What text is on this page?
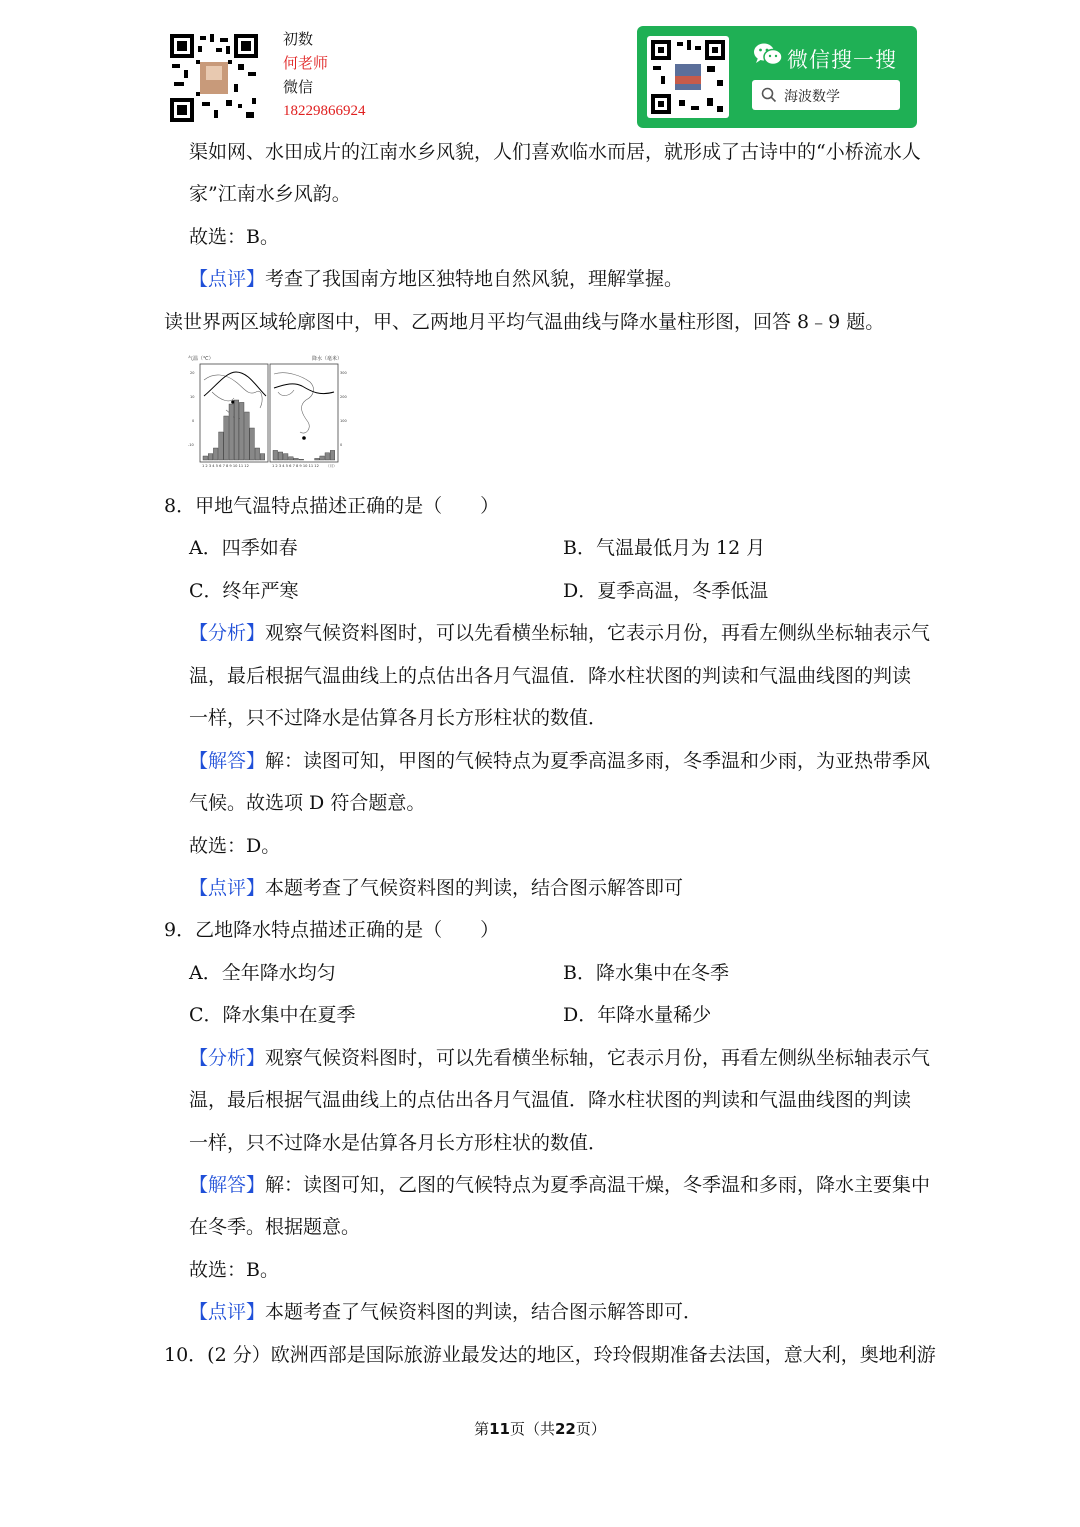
初数
何老师
微信
18229866924
微信搜一搜
海波数学
渠如网、水田成片的江南水乡风貌，人们喜欢临水而居，就形成了古诗中的“小桥流水人
家”江南水乡风韵。
故选：B。
【点评】考查了我国南方地区独特地自然风貌，理解掌握。
读世界两区域轮廓图中，甲、乙两地月平均气温曲线与降水量柱形图，回答 8﹣9 题。
气温（℃）	降水（毫米）
20
10
0
-10
300
200
100
0
1 2 3 4 5 6 7 8 9 10 11 12	1 2 3 4 5 6 7 8 9 10 11 12 （月）
8．甲地气温特点描述正确的是（　　）
A．四季如春	B．气温最低月为 12 月
C．终年严寒	D．夏季高温，冬季低温
【分析】观察气候资料图时，可以先看横坐标轴，它表示月份，再看左侧纵坐标轴表示气
温，最后根据气温曲线上的点估出各月气温值．降水柱状图的判读和气温曲线图的判读
一样，只不过降水是估算各月长方形柱状的数值．
【解答】解：读图可知，甲图的气候特点为夏季高温多雨，冬季温和少雨，为亚热带季风
气候。故选项 D 符合题意。
故选：D。
【点评】本题考查了气候资料图的判读，结合图示解答即可
9．乙地降水特点描述正确的是（　　）
A．全年降水均匀	B．降水集中在冬季
C．降水集中在夏季	D．年降水量稀少
【分析】观察气候资料图时，可以先看横坐标轴，它表示月份，再看左侧纵坐标轴表示气
温，最后根据气温曲线上的点估出各月气温值．降水柱状图的判读和气温曲线图的判读
一样，只不过降水是估算各月长方形柱状的数值．
【解答】解：读图可知，乙图的气候特点为夏季高温干燥，冬季温和多雨，降水主要集中
在冬季。根据题意。
故选：B。
【点评】本题考查了气候资料图的判读，结合图示解答即可．
10．(2 分）欧洲西部是国际旅游业最发达的地区，玲玲假期准备去法国，意大利，奥地利游
第11页（共22页）
